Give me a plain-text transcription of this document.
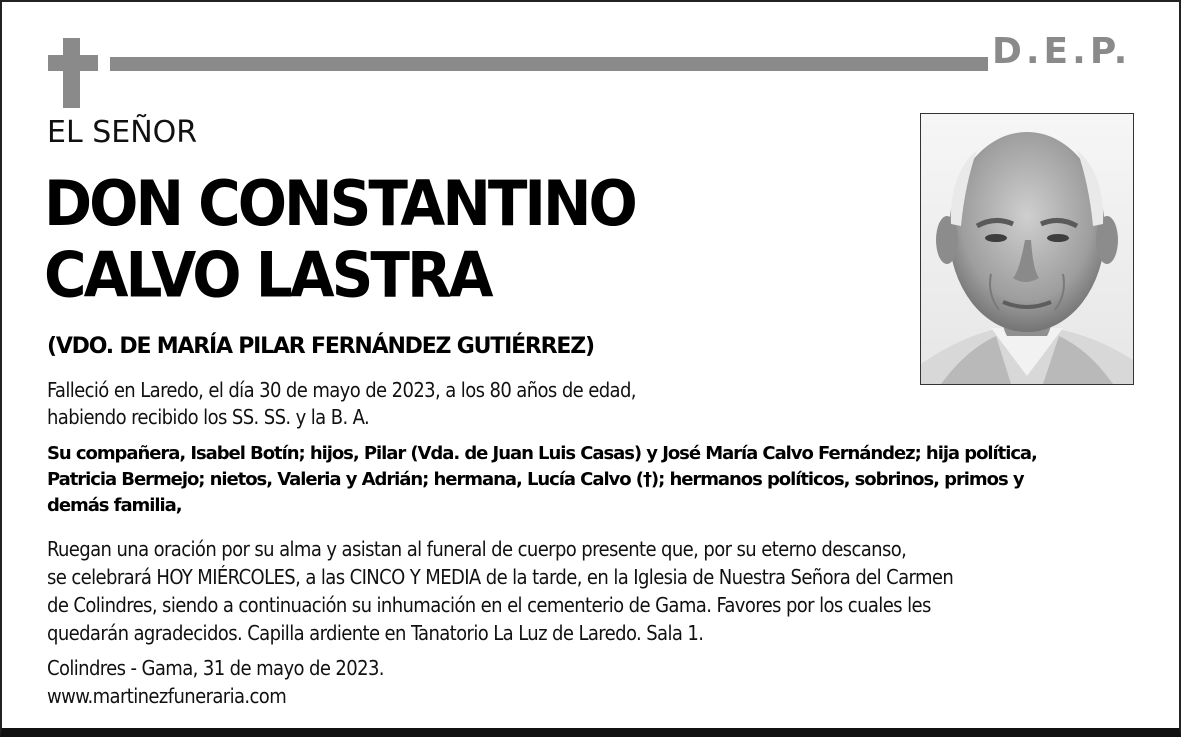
D.E.P.
EL SEÑOR
DON CONSTANTINO
CALVO LASTRA
(VDO. DE MARÍA PILAR FERNÁNDEZ GUTIÉRREZ)
Falleció en Laredo, el día 30 de mayo de 2023, a los 80 años de edad,
habiendo recibido los SS. SS. y la B. A.
Su compañera, Isabel Botín; hijos, Pilar (Vda. de Juan Luis Casas) y José María Calvo Fernández; hija política,
Patricia Bermejo; nietos, Valeria y Adrián; hermana, Lucía Calvo (†); hermanos políticos, sobrinos, primos y
demás familia,
Ruegan una oración por su alma y asistan al funeral de cuerpo presente que, por su eterno descanso,
se celebrará HOY MIÉRCOLES, a las CINCO Y MEDIA de la tarde, en la Iglesia de Nuestra Señora del Carmen
de Colindres, siendo a continuación su inhumación en el cementerio de Gama. Favores por los cuales les
quedarán agradecidos. Capilla ardiente en Tanatorio La Luz de Laredo. Sala 1.
Colindres - Gama, 31 de mayo de 2023.
www.martinezfuneraria.com
